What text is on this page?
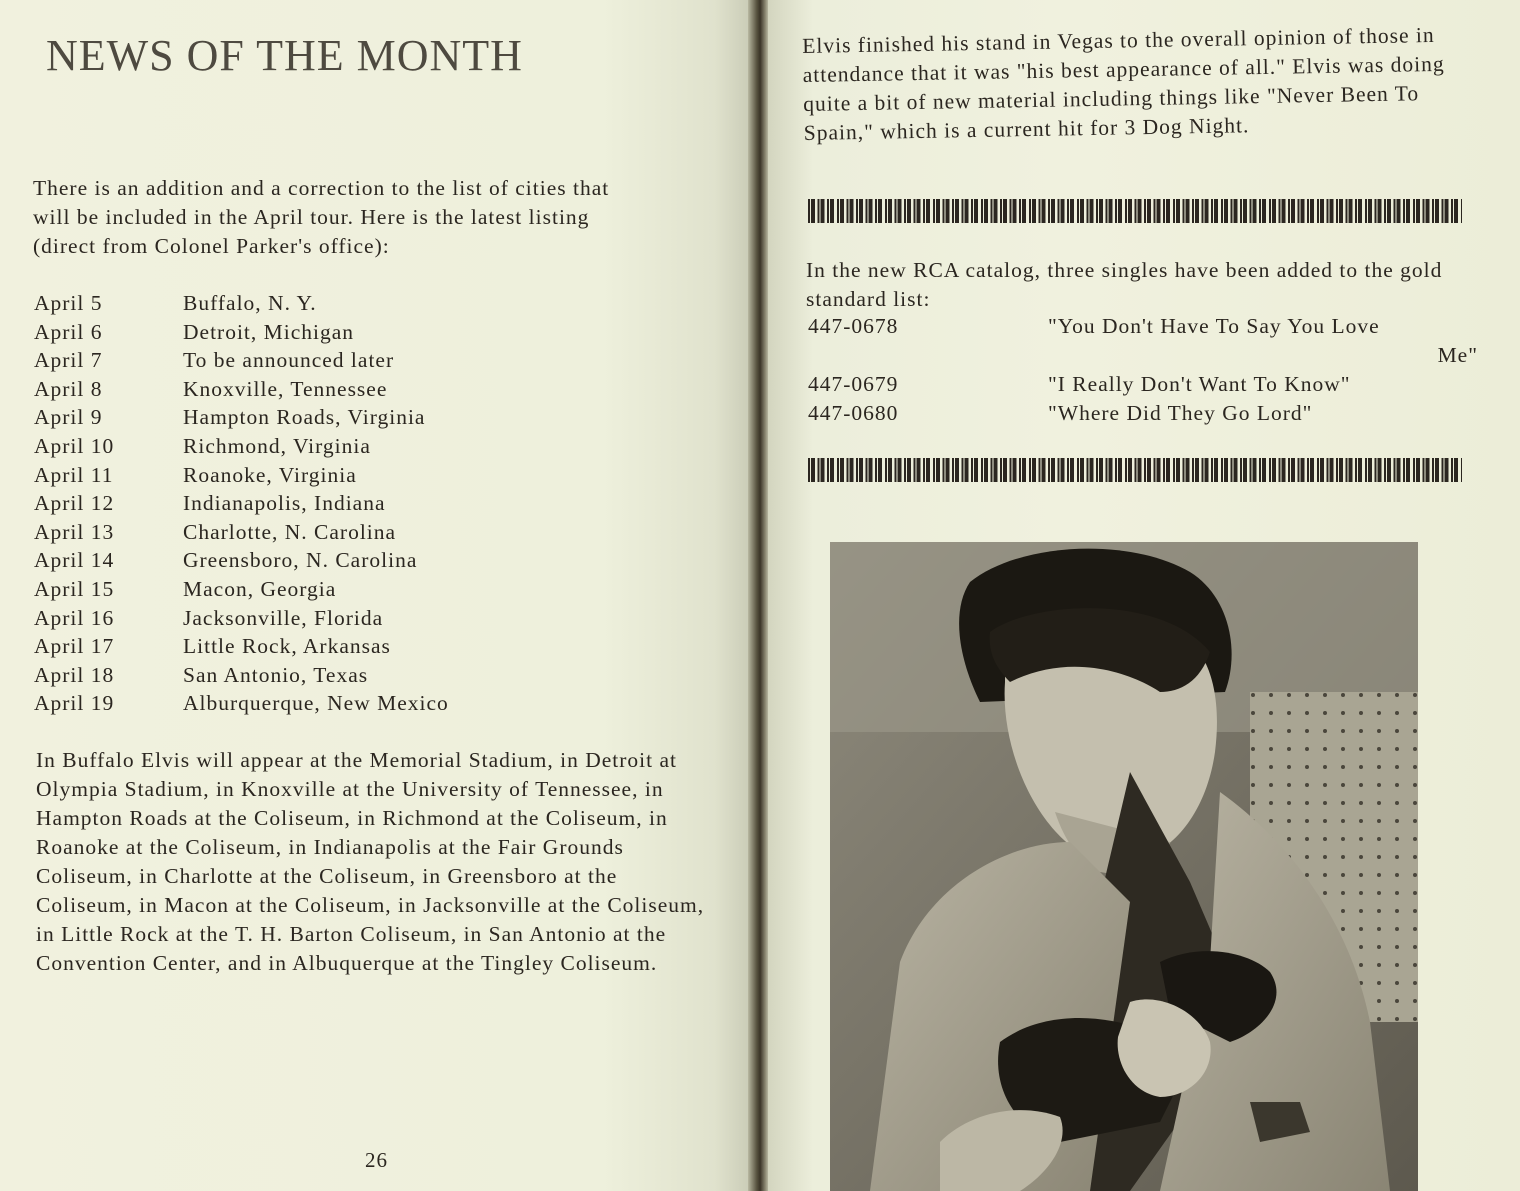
NEWS OF THE MONTH

There is an addition and a correction to the list of cities that will be included in the April tour. Here is the latest listing (direct from Colonel Parker's office):

April 5	Buffalo, N. Y.
April 6	Detroit, Michigan
April 7	To be announced later
April 8	Knoxville, Tennessee
April 9	Hampton Roads, Virginia
April 10	Richmond, Virginia
April 11	Roanoke, Virginia
April 12	Indianapolis, Indiana
April 13	Charlotte, N. Carolina
April 14	Greensboro, N. Carolina
April 15	Macon, Georgia
April 16	Jacksonville, Florida
April 17	Little Rock, Arkansas
April 18	San Antonio, Texas
April 19	Alburquerque, New Mexico

In Buffalo Elvis will appear at the Memorial Stadium, in Detroit at Olympia Stadium, in Knoxville at the University of Tennessee, in Hampton Roads at the Coliseum, in Richmond at the Coliseum, in Roanoke at the Coliseum, in Indianapolis at the Fair Grounds Coliseum, in Charlotte at the Coliseum, in Greensboro at the Coliseum, in Macon at the Coliseum, in Jacksonville at the Coliseum, in Little Rock at the T. H. Barton Coliseum, in San Antonio at the Convention Center, and in Albuquerque at the Tingley Coliseum.

26

Elvis finished his stand in Vegas to the overall opinion of those in attendance that it was "his best appearance of all." Elvis was doing quite a bit of new material including things like "Never Been To Spain," which is a current hit for 3 Dog Night.

In the new RCA catalog, three singles have been added to the gold standard list:

447-0678	"You Don't Have To Say You Love
Me"
447-0679	"I Really Don't Want To Know"
447-0680	"Where Did They Go Lord"
